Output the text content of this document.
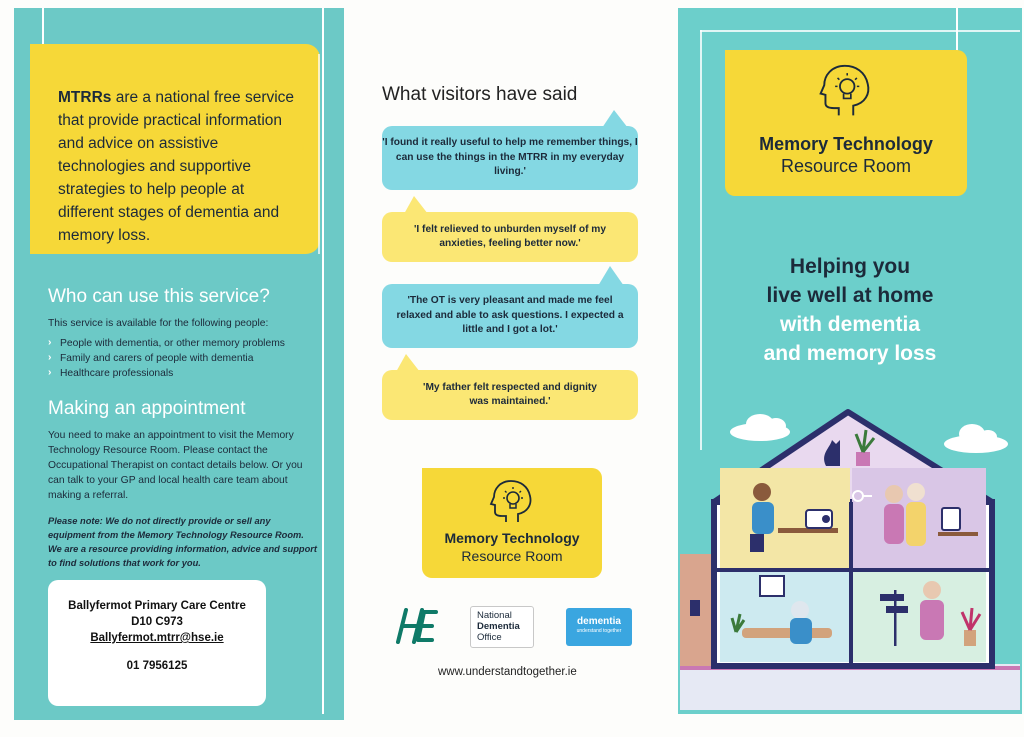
MTRRs are a national free service that provide practical information and advice on assistive technologies and supportive strategies to help people at different stages of dementia and memory loss.
Who can use this service?
This service is available for the following people:
› People with dementia, or other memory problems
› Family and carers of people with dementia
› Healthcare professionals
Making an appointment
You need to make an appointment to visit the Memory Technology Resource Room. Please contact the Occupational Therapist on contact details below. Or you can talk to your GP and local health care team about making a referral.
Please note: We do not directly provide or sell any equipment from the Memory Technology Resource Room. We are a resource providing information, advice and support to find solutions that work for you.
Ballyfermot Primary Care Centre
D10 C973
Ballyfermot.mtrr@hse.ie
01 7956125
What visitors have said
'I found it really useful to help me remember things, I can use the things in the MTRR in my everyday living.'
'I felt relieved to unburden myself of my anxieties, feeling better now.'
'The OT is very pleasant and made me feel relaxed and able to ask questions. I expected a little and I got a lot.'
'My father felt respected and dignity was maintained.'
Memory Technology
Resource Room
National
Dementia
Office
dementia
understand together
www.understandtogether.ie
Memory Technology
Resource Room
Helping you
live well at home
with dementia
and memory loss
